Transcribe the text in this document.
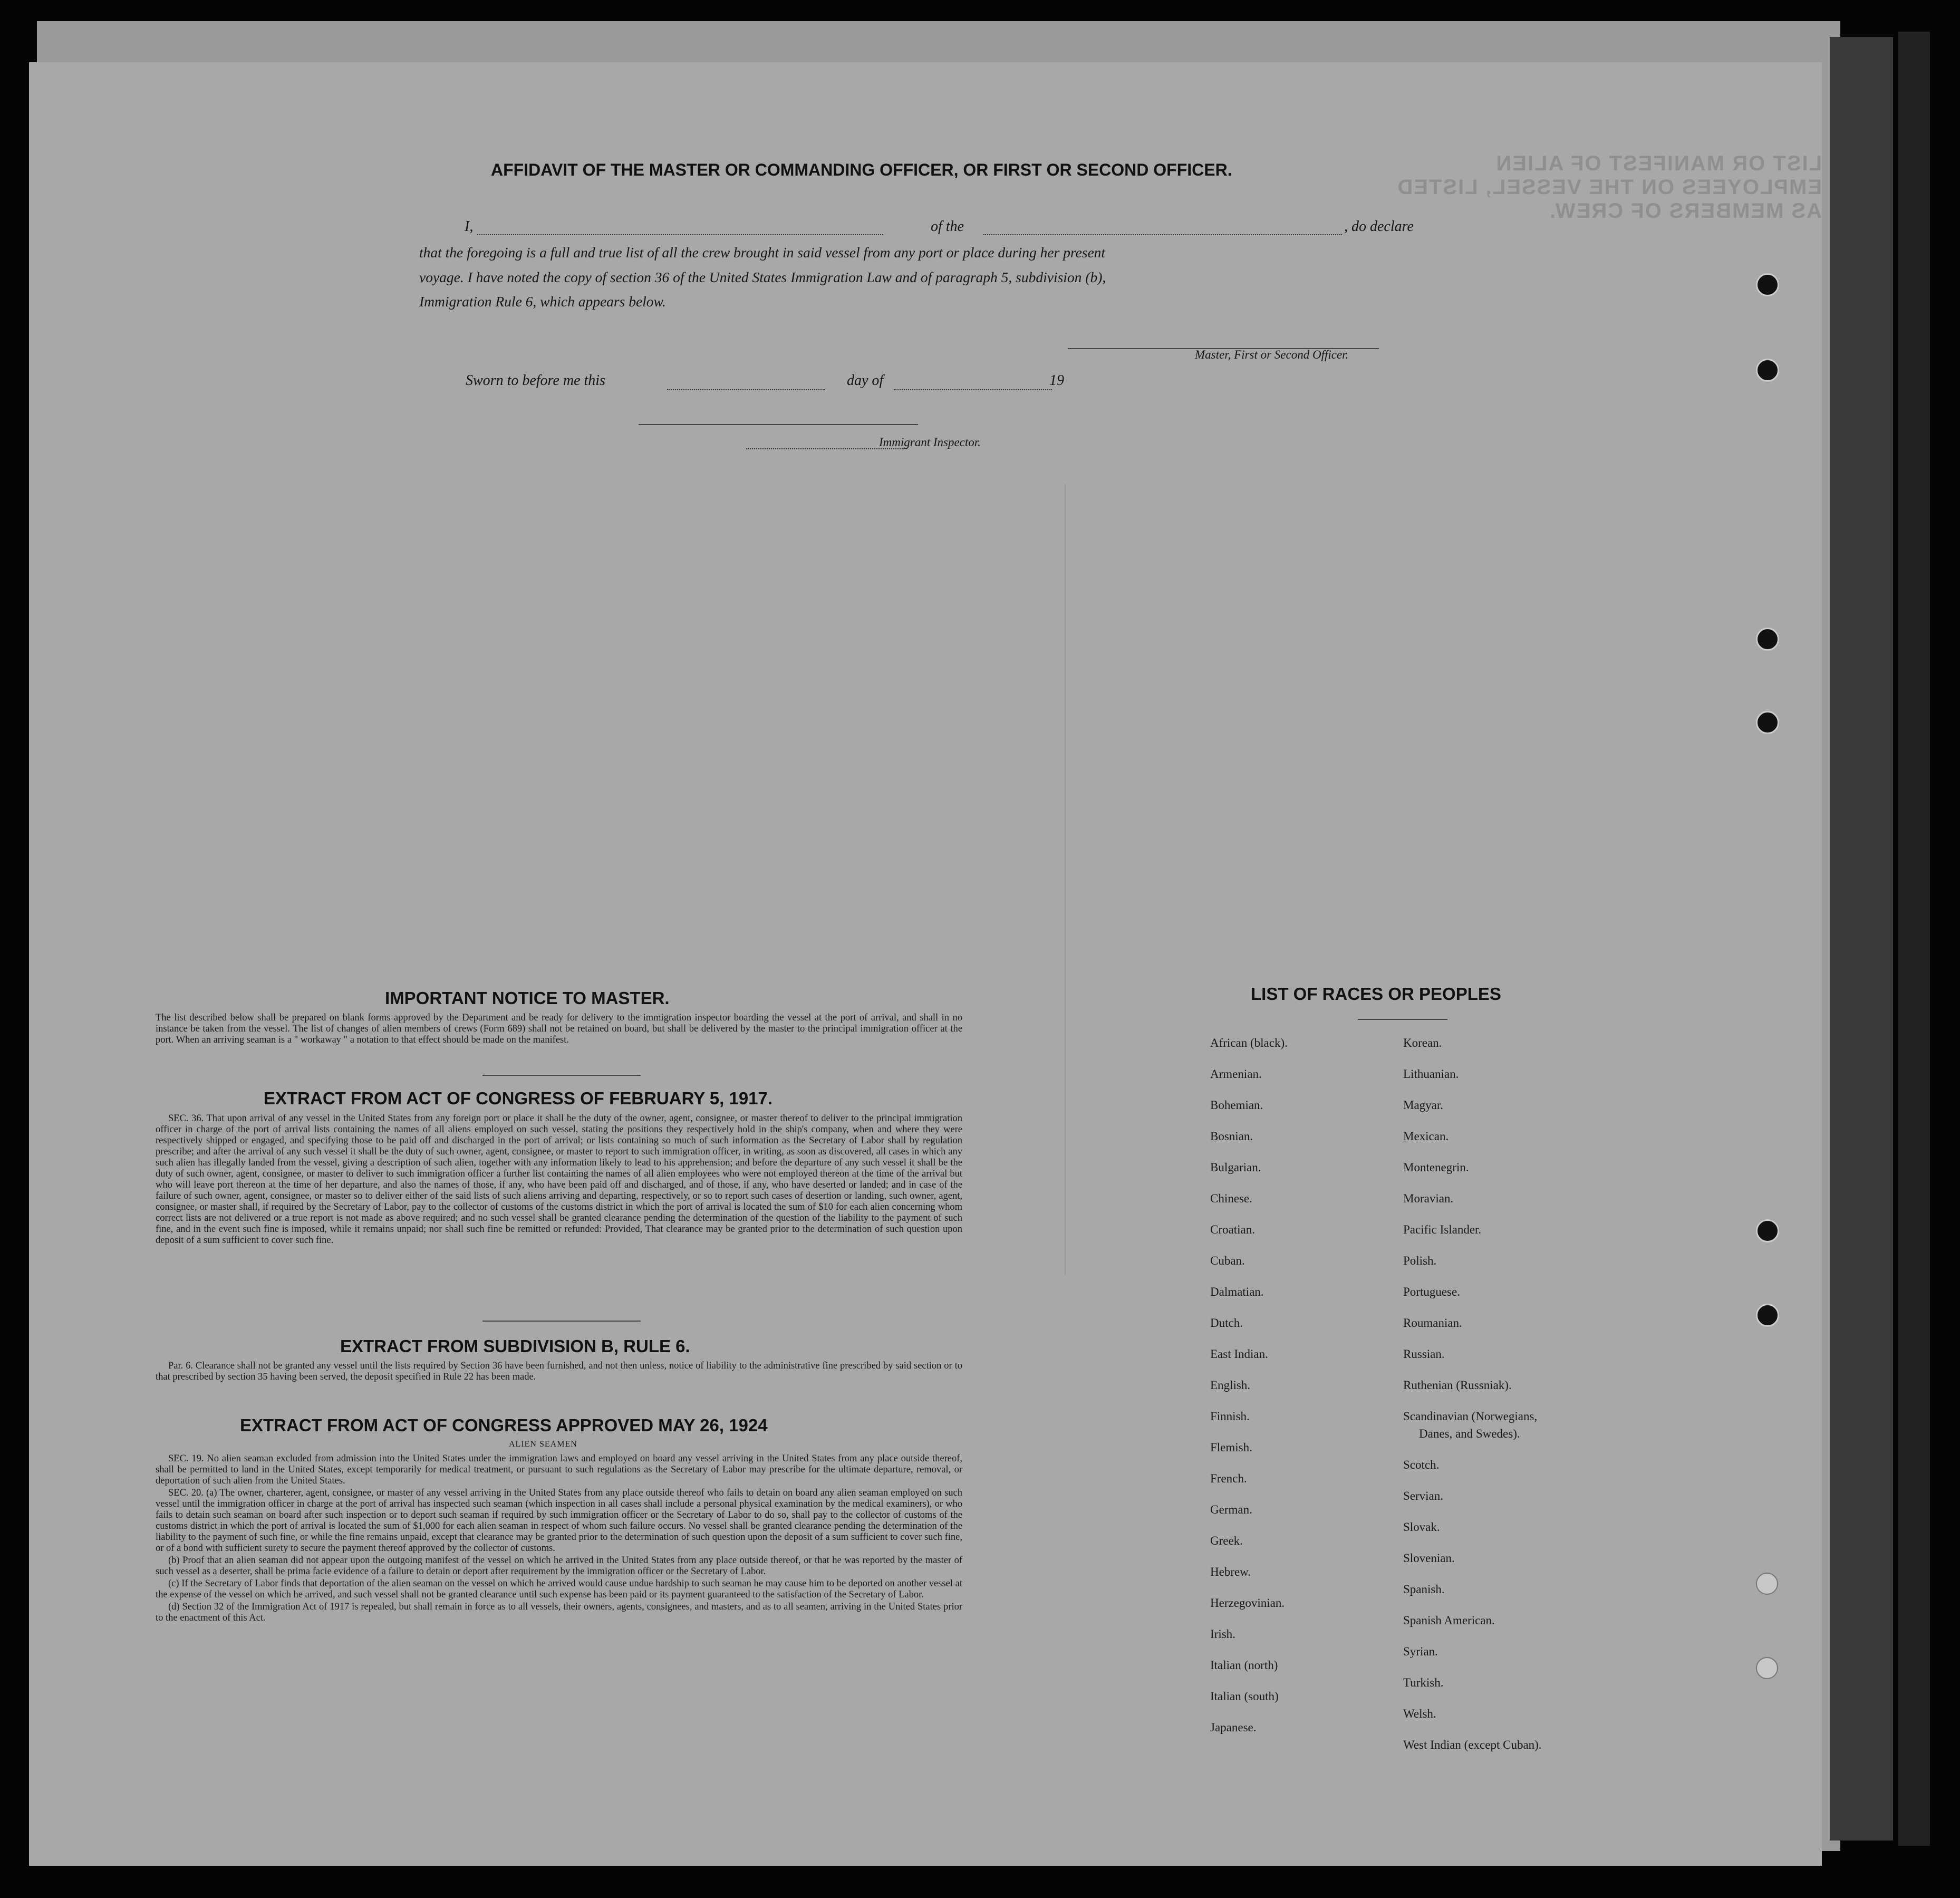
LIST OR MANIFEST OF ALIEN EMPLOYEES ON THE VESSEL, LISTED AS MEMBERS OF CREW.
AFFIDAVIT OF THE MASTER OR COMMANDING OFFICER, OR FIRST OR SECOND OFFICER.
I,	of the	, do declare
that the foregoing is a full and true list of all the crew brought in said vessel from any port or place during her present
voyage. I have noted the copy of section 36 of the United States Immigration Law and of paragraph 5, subdivision (b),
Immigration Rule 6, which appears below.
Master, First or Second Officer.
Sworn to before me this	day of	19
Immigrant Inspector.
IMPORTANT NOTICE TO MASTER.
The list described below shall be prepared on blank forms approved by the Department and be ready for delivery to the immigration inspector boarding the vessel at the port of arrival, and shall in no instance be taken from the vessel. The list of changes of alien members of crews (Form 689) shall not be retained on board, but shall be delivered by the master to the principal immigration officer at the port. When an arriving seaman is a " workaway " a notation to that effect should be made on the manifest.
EXTRACT FROM ACT OF CONGRESS OF FEBRUARY 5, 1917.

SEC. 36. That upon arrival of any vessel in the United States from any foreign port or place it shall be the duty of the owner, agent, consignee, or master thereof to deliver to the principal immigration officer in charge of the port of arrival lists containing the names of all aliens employed on such vessel, stating the positions they respectively hold in the ship's company, when and where they were respectively shipped or engaged, and specifying those to be paid off and discharged in the port of arrival; or lists containing so much of such information as the Secretary of Labor shall by regulation prescribe; and after the arrival of any such vessel it shall be the duty of such owner, agent, consignee, or master to report to such immigration officer, in writing, as soon as discovered, all cases in which any such alien has illegally landed from the vessel, giving a description of such alien, together with any information likely to lead to his apprehension; and before the departure of any such vessel it shall be the duty of such owner, agent, consignee, or master to deliver to such immigration officer a further list containing the names of all alien employees who were not employed thereon at the time of the arrival but who will leave port thereon at the time of her departure, and also the names of those, if any, who have been paid off and discharged, and of those, if any, who have deserted or landed; and in case of the failure of such owner, agent, consignee, or master so to deliver either of the said lists of such aliens arriving and departing, respectively, or so to report such cases of desertion or landing, such owner, agent, consignee, or master shall, if required by the Secretary of Labor, pay to the collector of customs of the customs district in which the port of arrival is located the sum of $10 for each alien concerning whom correct lists are not delivered or a true report is not made as above required; and no such vessel shall be granted clearance pending the determination of the question of the liability to the payment of such fine, and in the event such fine is imposed, while it remains unpaid; nor shall such fine be remitted or refunded: Provided, That clearance may be granted prior to the determination of such question upon deposit of a sum sufficient to cover such fine.

EXTRACT FROM SUBDIVISION B, RULE 6.

Par. 6. Clearance shall not be granted any vessel until the lists required by Section 36 have been furnished, and not then unless, notice of liability to the administrative fine prescribed by said section or to that prescribed by section 35 having been served, the deposit specified in Rule 22 has been made.

EXTRACT FROM ACT OF CONGRESS APPROVED MAY 26, 1924
ALIEN SEAMEN

SEC. 19. No alien seaman excluded from admission into the United States under the immigration laws and employed on board any vessel arriving in the United States from any place outside thereof, shall be permitted to land in the United States, except temporarily for medical treatment, or pursuant to such regulations as the Secretary of Labor may prescribe for the ultimate departure, removal, or deportation of such alien from the United States.

SEC. 20. (a) The owner, charterer, agent, consignee, or master of any vessel arriving in the United States from any place outside thereof who fails to detain on board any alien seaman employed on such vessel until the immigration officer in charge at the port of arrival has inspected such seaman (which inspection in all cases shall include a personal physical examination by the medical examiners), or who fails to detain such seaman on board after such inspection or to deport such seaman if required by such immigration officer or the Secretary of Labor to do so, shall pay to the collector of customs of the customs district in which the port of arrival is located the sum of $1,000 for each alien seaman in respect of whom such failure occurs. No vessel shall be granted clearance pending the determination of the liability to the payment of such fine, or while the fine remains unpaid, except that clearance may be granted prior to the determination of such question upon the deposit of a sum sufficient to cover such fine, or of a bond with sufficient surety to secure the payment thereof approved by the collector of customs.

(b) Proof that an alien seaman did not appear upon the outgoing manifest of the vessel on which he arrived in the United States from any place outside thereof, or that he was reported by the master of such vessel as a deserter, shall be prima facie evidence of a failure to detain or deport after requirement by the immigration officer or the Secretary of Labor.

(c) If the Secretary of Labor finds that deportation of the alien seaman on the vessel on which he arrived would cause undue hardship to such seaman he may cause him to be deported on another vessel at the expense of the vessel on which he arrived, and such vessel shall not be granted clearance until such expense has been paid or its payment guaranteed to the satisfaction of the Secretary of Labor.

(d) Section 32 of the Immigration Act of 1917 is repealed, but shall remain in force as to all vessels, their owners, agents, consignees, and masters, and as to all seamen, arriving in the United States prior to the enactment of this Act.

LIST OF RACES OR PEOPLES
African (black).
Armenian.
Bohemian.
Bosnian.
Bulgarian.
Chinese.
Croatian.
Cuban.
Dalmatian.
Dutch.
East Indian.
English.
Finnish.
Flemish.
French.
German.
Greek.
Hebrew.
Herzegovinian.
Irish.
Italian (north)
Italian (south)
Japanese.
Korean.
Lithuanian.
Magyar.
Mexican.
Montenegrin.
Moravian.
Pacific Islander.
Polish.
Portuguese.
Roumanian.
Russian.
Ruthenian (Russniak).
Scandinavian (Norwegians,
Danes, and Swedes).
Scotch.
Servian.
Slovak.
Slovenian.
Spanish.
Spanish American.
Syrian.
Turkish.
Welsh.
West Indian (except Cuban).
